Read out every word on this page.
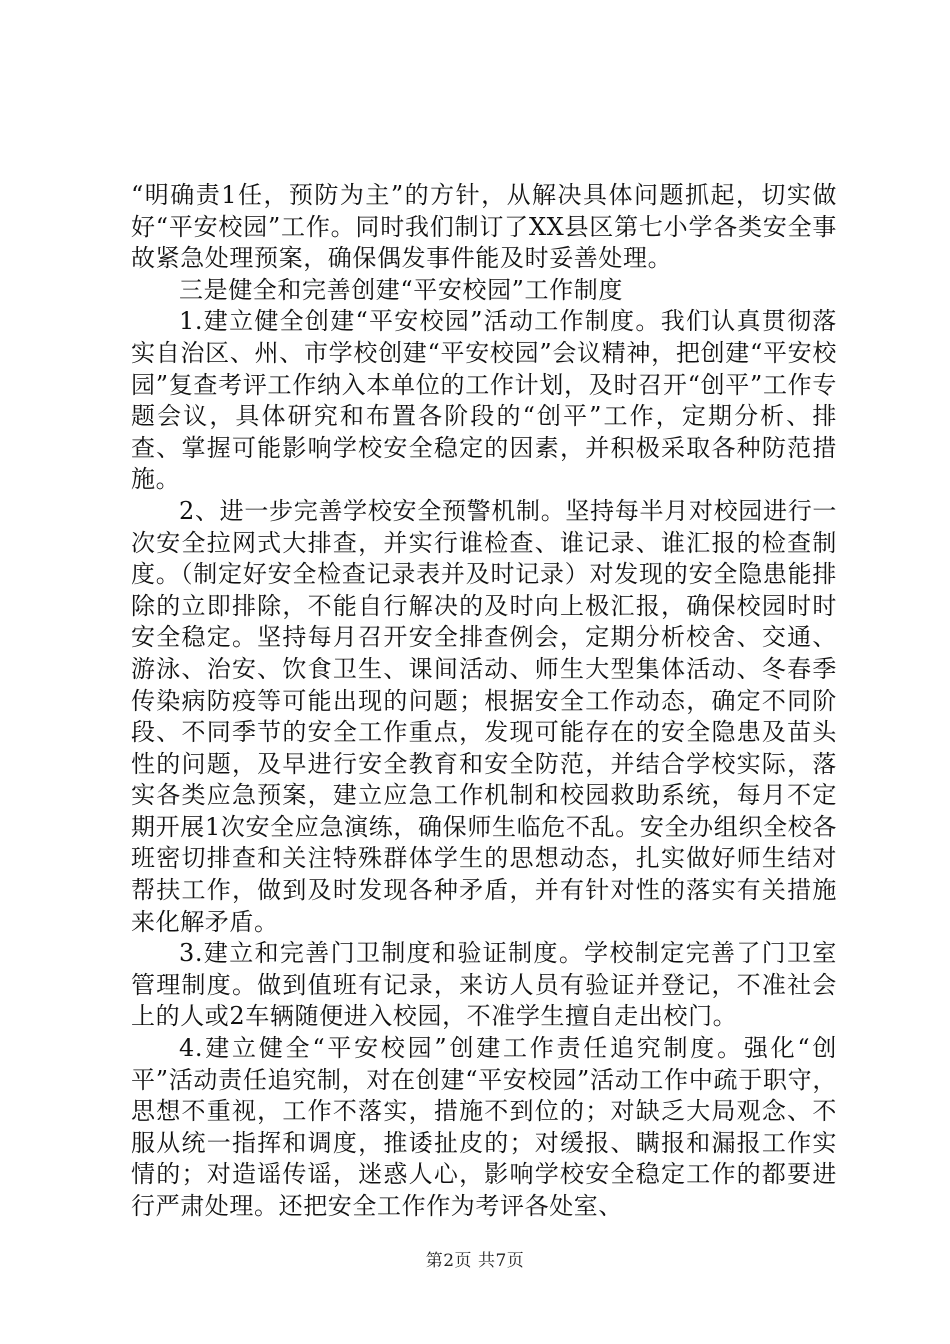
“明确责1任，预防为主”的方针，从解决具体问题抓起，切实做好“平安校园”工作。同时我们制订了XX县区第七小学各类安全事故紧急处理预案，确保偶发事件能及时妥善处理。

三是健全和完善创建“平安校园”工作制度

1.建立健全创建“平安校园”活动工作制度。我们认真贯彻落实自治区、州、市学校创建“平安校园”会议精神，把创建“平安校园”复查考评工作纳入本单位的工作计划，及时召开“创平”工作专题会议，具体研究和布置各阶段的“创平”工作，定期分析、排查、掌握可能影响学校安全稳定的因素，并积极采取各种防范措施。

2、进一步完善学校安全预警机制。坚持每半月对校园进行一次安全拉网式大排查，并实行谁检查、谁记录、谁汇报的检查制度。（制定好安全检查记录表并及时记录）对发现的安全隐患能排除的立即排除，不能自行解决的及时向上极汇报，确保校园时时安全稳定。坚持每月召开安全排查例会，定期分析校舍、交通、游泳、治安、饮食卫生、课间活动、师生大型集体活动、冬春季传染病防疫等可能出现的问题；根据安全工作动态，确定不同阶段、不同季节的安全工作重点，发现可能存在的安全隐患及苗头性的问题，及早进行安全教育和安全防范，并结合学校实际，落实各类应急预案，建立应急工作机制和校园救助系统，每月不定期开展1次安全应急演练，确保师生临危不乱。安全办组织全校各班密切排查和关注特殊群体学生的思想动态，扎实做好师生结对帮扶工作，做到及时发现各种矛盾，并有针对性的落实有关措施来化解矛盾。

3.建立和完善门卫制度和验证制度。学校制定完善了门卫室管理制度。做到值班有记录，来访人员有验证并登记，不准社会上的人或2车辆随便进入校园，不准学生擅自走出校门。

4.建立健全“平安校园”创建工作责任追究制度。强化“创平”活动责任追究制，对在创建“平安校园”活动工作中疏于职守，思想不重视，工作不落实，措施不到位的；对缺乏大局观念、不服从统一指挥和调度，推诿扯皮的；对缓报、瞒报和漏报工作实情的；对造谣传谣，迷惑人心，影响学校安全稳定工作的都要进行严肃处理。还把安全工作作为考评各处室、

第2页 共7页
